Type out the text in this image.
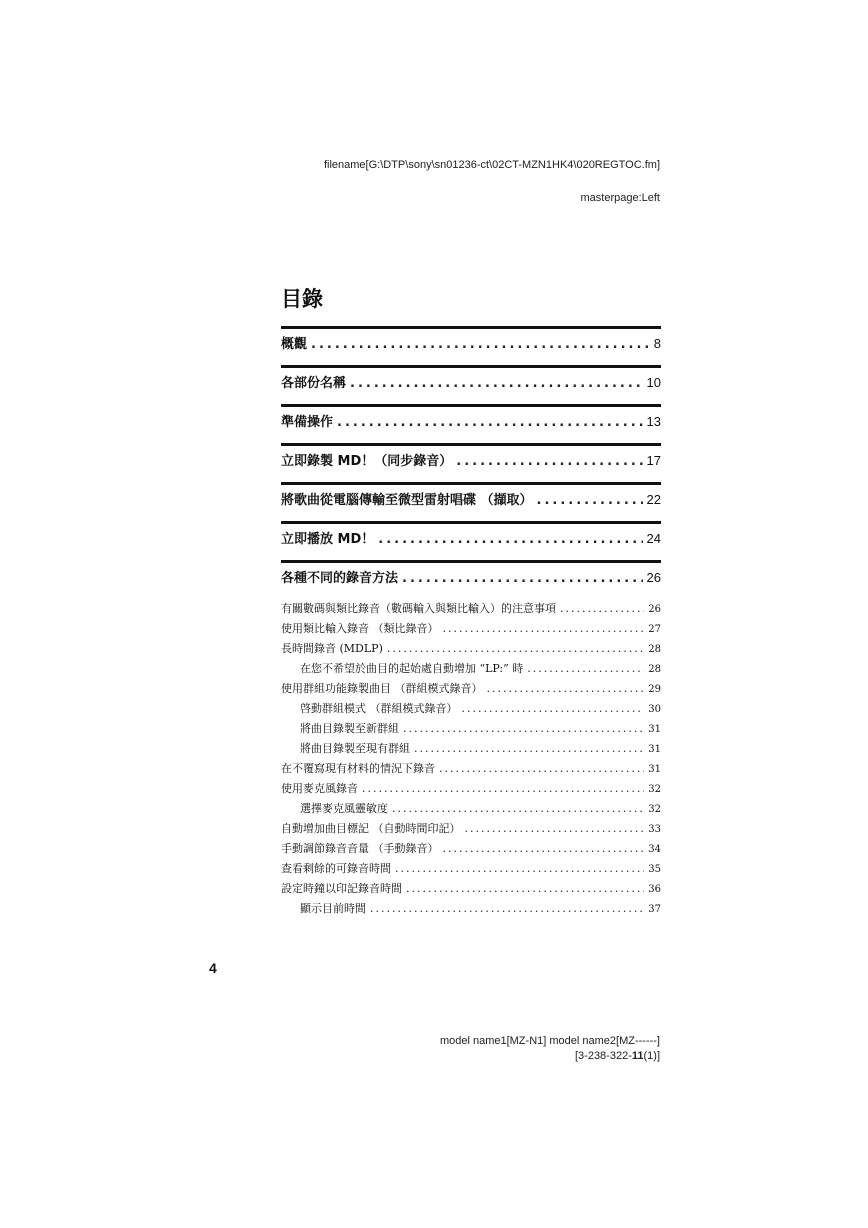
filename[G:\DTP\sony\sn01236-ct\02CT-MZN1HK4\020REGTOC.fm]
masterpage:Left
目錄
概觀 .....	8
各部份名稱 .....	10
準備操作 .....	13
立即錄製 MD！（同步錄音） .....	17
將歌曲從電腦傳輸至微型雷射唱碟 （擷取） .....	22
立即播放 MD！ .....	24
各種不同的錄音方法 .....	26
有關數碼與類比錄音（數碼輸入與類比輸入）的注意事項 .....	26
使用類比輸入錄音 （類比錄音） .....	27
長時間錄音 (MDLP) .....	28
在您不希望於曲目的起始處自動增加 “LP:” 時 .....	28
使用群組功能錄製曲目 （群組模式錄音） .....	29
啓動群組模式 （群組模式錄音） .....	30
將曲目錄製至新群組 .....	31
將曲目錄製至現有群組 .....	31
在不覆寫現有材料的情況下錄音 .....	31
使用麥克風錄音 .....	32
選擇麥克風靈敏度 .....	32
自動增加曲目標記 （自動時間印記） .....	33
手動調節錄音音量 （手動錄音） .....	34
查看剩餘的可錄音時間 .....	35
設定時鐘以印記錄音時間 .....	36
顯示目前時間 .....	37
4
model name1[MZ-N1] model name2[MZ------]
[3-238-322-11(1)]
